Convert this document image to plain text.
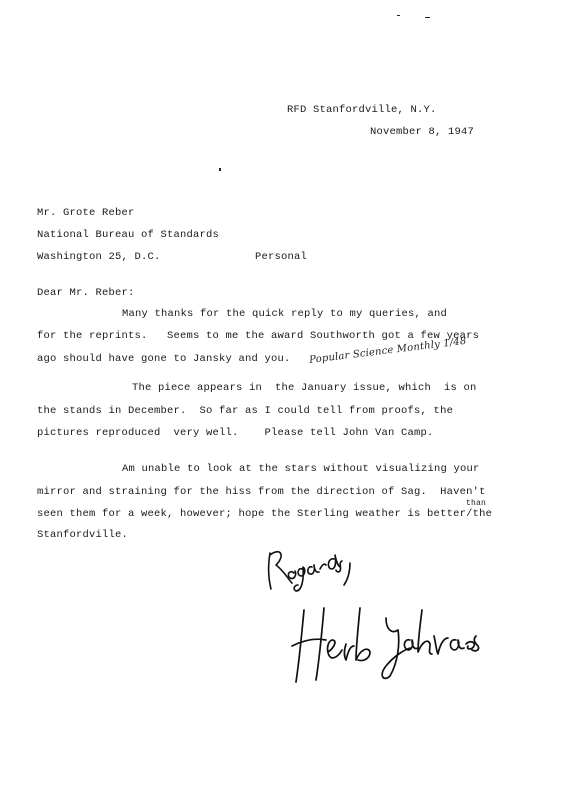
RFD Stanfordville, N.Y.
November 8, 1947
Mr. Grote Reber
National Bureau of Standards
Washington 25, D.C.	Personal
Dear Mr. Reber:
Many thanks for the quick reply to my queries, and
for the reprints.   Seems to me the award Southworth got a few years
ago should have gone to Jansky and you. Popular Science Monthly 1/48
The piece appears in  the January issue, which  is on
the stands in December.  So far as I could tell from proofs, the
pictures reproduced  very well.    Please tell John Van Camp.
Am unable to look at the stars without visualizing your
mirror and straining for the hiss from the direction of Sag.  Haven't
than
seen them for a week, however; hope the Sterling weather is better/the
Stanfordville.
